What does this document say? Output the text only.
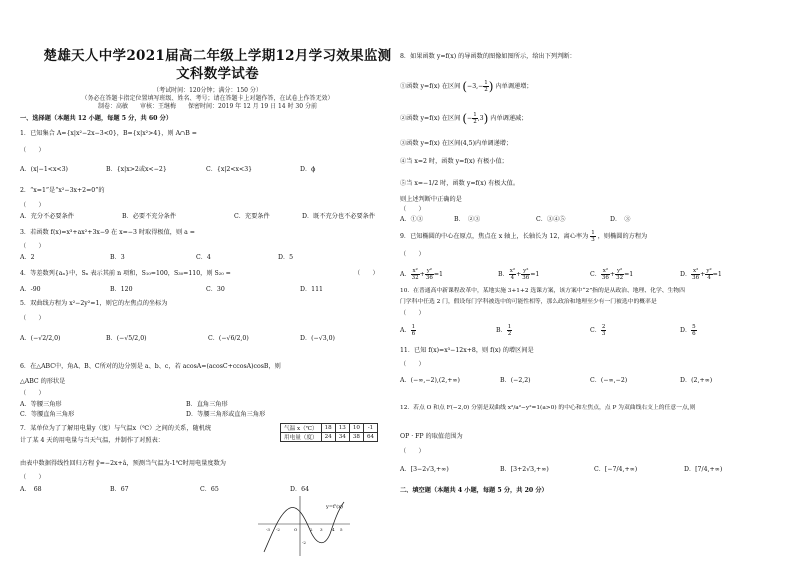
楚雄天人中学2021届高二年级上学期12月学习效果监测
文科数学试卷
（考试时间：120分钟；满分：150 分）
（务必在答题卡指定位置填写班级、姓名、考号；请在答题卡上对题作答，在试卷上作答无效）
制卷：高敏　　审核：王继梅　　保密时间：2019 年 12 月 19 日 14 时 30 分前
一、选择题（本题共 12 小题，每题 5 分，共 60 分）
1．已知集合 A={x|x²−2x−3<0}，B={x|x²>4}，则 A∩B =
（　　）
A．(x|−1<x<3)	B．{x|x>2或x<−2}	C．{x|2<x<3}	D．ϕ
2．“x=1”是“x²−3x+2=0”的
（　　）
A．充分不必要条件	B．必要不充分条件	C．充要条件	D．既不充分也不必要条件
3．若函数 f(x)=x³+ax²+3x−9 在 x=−3 时取得极值，则 a =
（　　）
A．2	B．3	C．4	D．5
4．等差数列{aₙ}中，Sₙ 表示其前 n 项和，S₁₀=100，S₃₀=110，则 S₂₀ =	（　　）
A．-90	B．120	C．30	D．111
5．双曲线方程为 x²−2y²=1，则它的左焦点的坐标为
（　　）
A．(−√2/2,0)	B．(−√5/2,0)	C．(−√6/2,0)	D．(−√3,0)
6．在△ABC中，角A、B、C所对的边分别是 a、b、c，若 acosA=(acosC+ccosA)cosB，则
△ABC 的形状是
（　　）
A．等腰三角形	B．直角三角形
C．等腰直角三角形	D．等腰三角形或直角三角形
7．某单位为了了解用电量y（度）与气温x（℃）之间的关系，随机统
计了某 4 天的用电量与当天气温，并制作了对照表：
气温 x（℃）	18	13	10	-1
用电量（度）	24	34	38	64
由表中数据得线性回归方程 ŷ=−2x+â，预测当气温为-1℃时用电量度数为
（　　）
A．　68	B．67	C．65	D．64
y=f'(x)
-3 -2	O	2 3 4 5
-2
8．如果函数 y=f(x) 的导函数的图像如图所示，给出下列判断：
①函数 y=f(x) 在区间 ($-3,- \frac{1}{2}$ ) 内单调递增；
②函数 y=f(x) 在区间 (− $\frac{1}{2} ,3$) 内单调递减；
③函数 y=f(x) 在区间(4,5)内单调递增；
④当 x=2 时，函数 y=f(x) 有极小值；
⑤当 x=−1/2 时，函数 y=f(x) 有极大值。
则上述判断中正确的是
（　　）
A．①③	B．　②③	C．③④⑤	D．　③
9．已知椭圆的中心在原点，焦点在 x 轴上，长轴长为 12，离心率为 $\frac{1}{3}$ ，则椭圆的方程为
（　　）
A． $\frac{\text{x²}}{32} + \frac{\text{y²}}{36} =1$	B． $\frac{\text{x²}}{4} + \frac{\text{y²}}{36} =1$	C． $\frac{\text{x²}}{36} + \frac{\text{y²}}{32} =1$	D． $\frac{\text{x²}}{36} + \frac{\text{y²}}{4} =1$
10．在普通高中新课程改革中，某地实施 3+1+2 选课方案，该方案中“2”指的是从政治、地理、化学、生物四
门学科中任选 2 门，假设每门学科被选中的可能性相等，那么政治和地理至少有一门被选中的概率是
（　　）
A． $\frac{1}{6}$	B． $\frac{1}{2}$	C． $\frac{2}{3}$	D． $\frac{5}{6}$
11．已知 f(x)=x³−12x+8，则 f(x) 的增区间是
（　　）
A．(−∞,−2),(2,+∞)	B．(−2,2)	C．(−∞,−2)	D．(2,+∞)
12．若点 O 和点 F(−2,0) 分别是双曲线 x²/a²−y²=1(a>0) 的中心和左焦点，点 P 为双曲线右支上的任意一点,则
OP · FP 的取值范围为
（　　）
A．[3−2√3,+∞)	B．[3+2√3,+∞)	C．[−7/4,+∞)	D．[7/4,+∞)
二、填空题（本题共 4 小题，每题 5 分，共 20 分）
